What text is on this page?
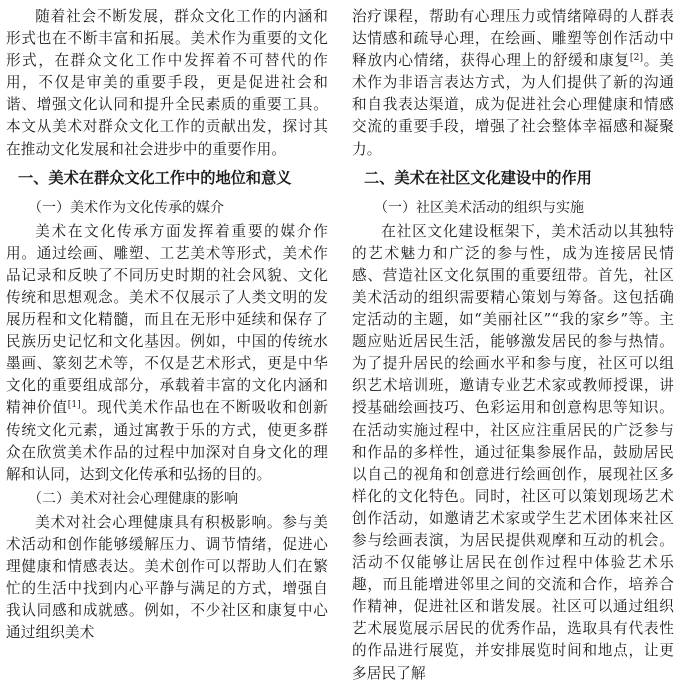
随着社会不断发展，群众文化工作的内涵和形式也在不断丰富和拓展。美术作为重要的文化形式，在群众文化工作中发挥着不可替代的作用，不仅是审美的重要手段，更是促进社会和谐、增强文化认同和提升全民素质的重要工具。本文从美术对群众文化工作的贡献出发，探讨其在推动文化发展和社会进步中的重要作用。

一、美术在群众文化工作中的地位和意义
（一）美术作为文化传承的媒介

美术在文化传承方面发挥着重要的媒介作用。通过绘画、雕塑、工艺美术等形式，美术作品记录和反映了不同历史时期的社会风貌、文化传统和思想观念。美术不仅展示了人类文明的发展历程和文化精髓，而且在无形中延续和保存了民族历史记忆和文化基因。例如，中国的传统水墨画、篆刻艺术等，不仅是艺术形式，更是中华文化的重要组成部分，承载着丰富的文化内涵和精神价值[1]。现代美术作品也在不断吸收和创新传统文化元素，通过寓教于乐的方式，使更多群众在欣赏美术作品的过程中加深对自身文化的理解和认同，达到文化传承和弘扬的目的。

（二）美术对社会心理健康的影响

美术对社会心理健康具有积极影响。参与美术活动和创作能够缓解压力、调节情绪，促进心理健康和情感表达。美术创作可以帮助人们在繁忙的生活中找到内心平静与满足的方式，增强自我认同感和成就感。例如，不少社区和康复中心通过组织美术

治疗课程，帮助有心理压力或情绪障碍的人群表达情感和疏导心理，在绘画、雕塑等创作活动中释放内心情绪，获得心理上的舒缓和康复[2]。美术作为非语言表达方式，为人们提供了新的沟通和自我表达渠道，成为促进社会心理健康和情感交流的重要手段，增强了社会整体幸福感和凝聚力。

二、美术在社区文化建设中的作用
（一）社区美术活动的组织与实施

在社区文化建设框架下，美术活动以其独特的艺术魅力和广泛的参与性，成为连接居民情感、营造社区文化氛围的重要纽带。首先，社区美术活动的组织需要精心策划与筹备。这包括确定活动的主题，如“美丽社区”“我的家乡”等。主题应贴近居民生活，能够激发居民的参与热情。为了提升居民的绘画水平和参与度，社区可以组织艺术培训班，邀请专业艺术家或教师授课，讲授基础绘画技巧、色彩运用和创意构思等知识。在活动实施过程中，社区应注重居民的广泛参与和作品的多样性，通过征集参展作品，鼓励居民以自己的视角和创意进行绘画创作，展现社区多样化的文化特色。同时，社区可以策划现场艺术创作活动，如邀请艺术家或学生艺术团体来社区参与绘画表演，为居民提供观摩和互动的机会。活动不仅能够让居民在创作过程中体验艺术乐趣，而且能增进邻里之间的交流和合作，培养合作精神，促进社区和谐发展。社区可以通过组织艺术展览展示居民的优秀作品，选取具有代表性的作品进行展览，并安排展览时间和地点，让更多居民了解
